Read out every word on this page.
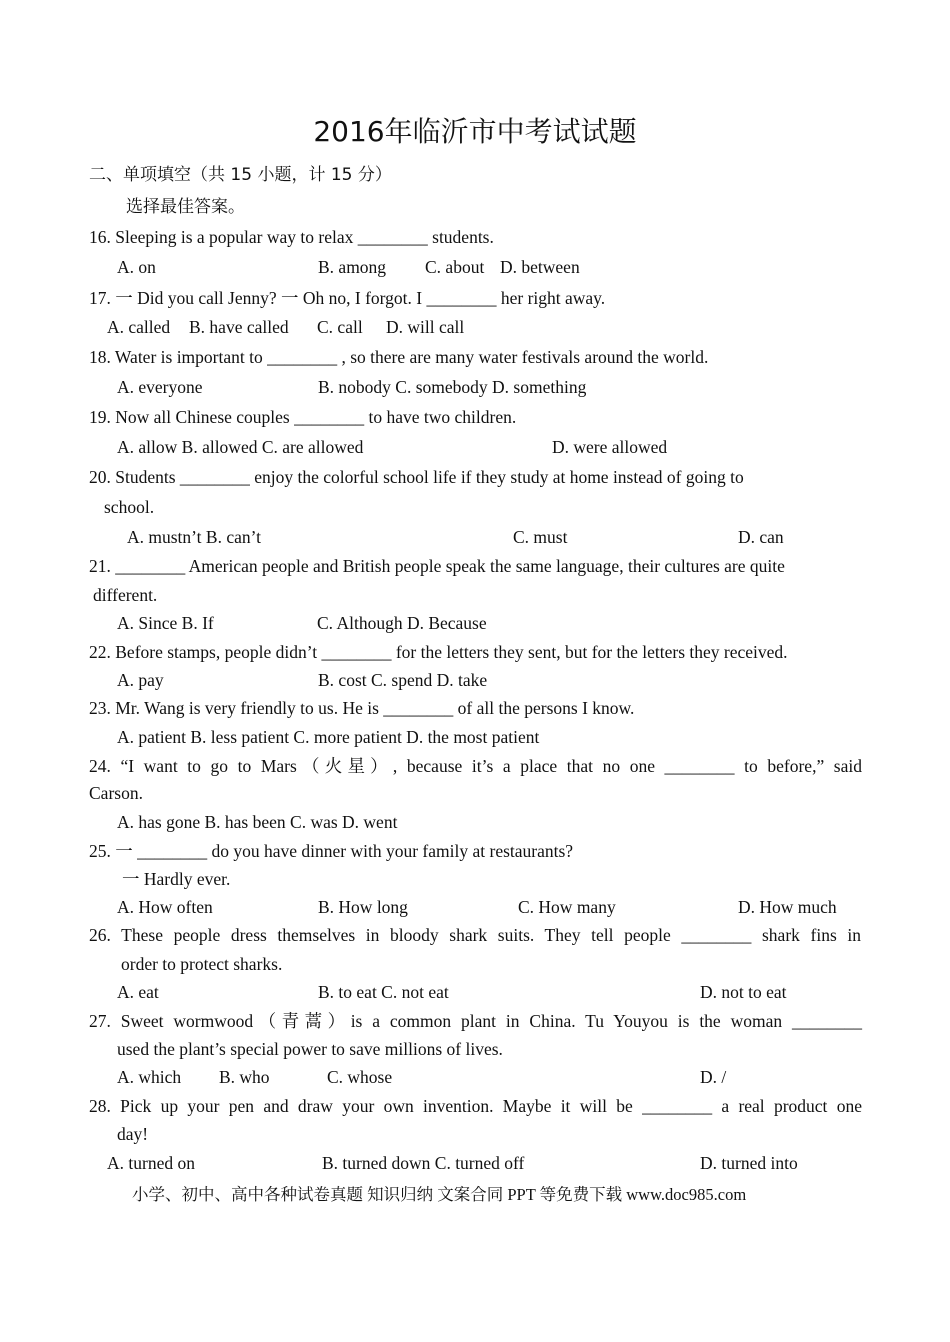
2016年临沂市中考试试题
二、单项填空（共 15 小题，计 15 分）
选择最佳答案。
16. Sleeping is a popular way to relax ________ students.
A. on	B. among C. about D. between
17. 一 Did you call Jenny? 一 Oh no, I forgot. I ________ her right away.
A. called B. have called C. call D. will call
18. Water is important to ________ , so there are many water festivals around the world.
A. everyone	B. nobody C. somebody D. something
19. Now all Chinese couples ________ to have two children.
A. allow B. allowed C. are allowed	D. were allowed
20. Students ________ enjoy the colorful school life if they study at home instead of going to
school.
A. mustn’t B. can’t	C. must	D. can
21. ________ American people and British people speak the same language, their cultures are quite
different.
A. Since B. If	C. Although D. Because
22. Before stamps, people didn’t ________ for the letters they sent, but for the letters they received.
A. pay	B. cost C. spend D. take
23. Mr. Wang is very friendly to us. He is ________ of all the persons I know.
A. patient B. less patient C. more patient D. the most patient
24. “I want to go to Mars（火星）, because it’s a place that no one ________ to before,” said
Carson.
A. has gone B. has been C. was D. went
25. 一 ________ do you have dinner with your family at restaurants?
一 Hardly ever.
A. How often	B. How long	C. How many	D. How much
26. These people dress themselves in bloody shark suits. They tell people ________ shark fins in
order to protect sharks.
A. eat	B. to eat C. not eat	D. not to eat
27. Sweet wormwood（青蒿）is a common plant in China. Tu Youyou is the woman ________
used the plant’s special power to save millions of lives.
A. which B. who	C. whose	D. /
28. Pick up your pen and draw your own invention. Maybe it will be ________ a real product one
day!
A. turned on	B. turned down C. turned off	D. turned into
小学、初中、高中各种试卷真题 知识归纳 文案合同 PPT 等免费下载 www.doc985.com
